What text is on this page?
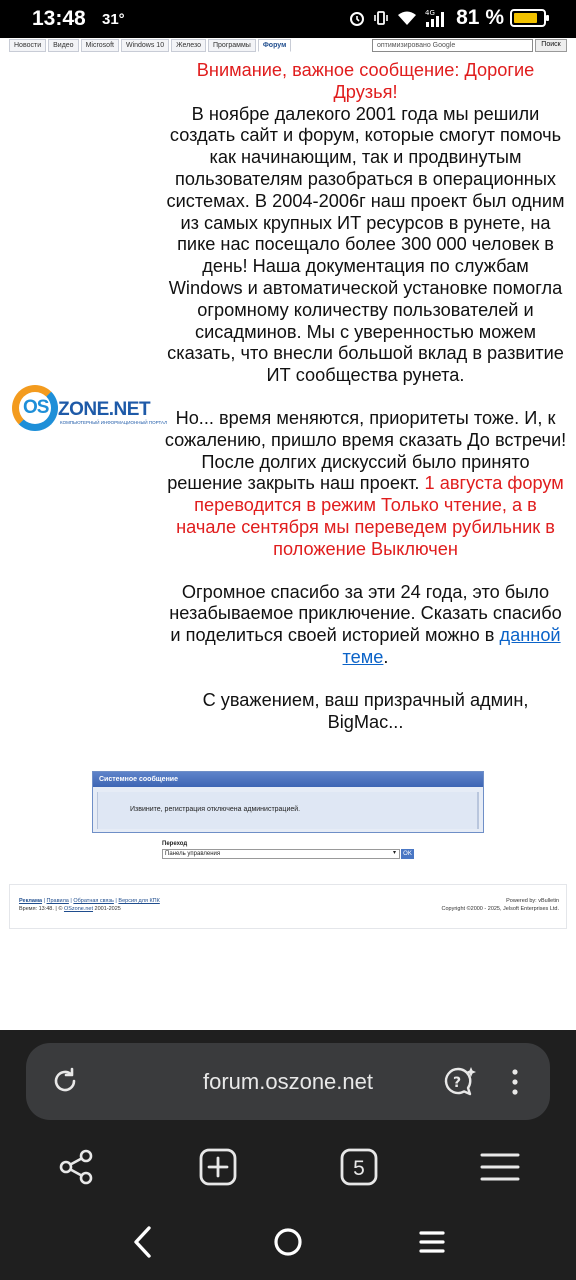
13:48 31°	4G 81 %
Новости	Видео	Microsoft	Windows 10	Железо	Программы	Форум	оптимизировано Google	Поиск
OS ZONE.NET
КОМПЬЮТЕРНЫЙ ИНФОРМАЦИОННЫЙ ПОРТАЛ
Внимание, важное сообщение: Дорогие Друзья!

В ноябре далекого 2001 года мы решили создать сайт и форум, которые смогут помочь как начинающим, так и продвинутым пользователям разобраться в операционных системах. В 2004-2006г наш проект был одним из самых крупных ИТ ресурсов в рунете, на пике нас посещало более 300 000 человек в день! Наша документация по службам Windows и автоматической установке помогла огромному количеству пользователей и сисадминов. Мы с уверенностью можем сказать, что внесли большой вклад в развитие ИТ сообщества рунета.

Но... время меняются, приоритеты тоже. И, к сожалению, пришло время сказать До встречи! После долгих дискуссий было принято решение закрыть наш проект. 1 августа форум переводится в режим Только чтение, а в начале сентября мы переведем рубильник в положение Выключен

Огромное спасибо за эти 24 года, это было незабываемое приключение. Сказать спасибо и поделиться своей историей можно в данной теме.

С уважением, ваш призрачный админ,
BigMac...
Системное сообщение
Извините, регистрация отключена администрацией.
Переход
Панель управления	▾	OK
Реклама | Правила | Обратная связь | Версия для КПК
Время: 13:48. | © OSzone.net 2001-2025
Powered by: vBulletin
Copyright ©2000 - 2025, Jelsoft Enterprises Ltd.
forum.oszone.net	?
5
